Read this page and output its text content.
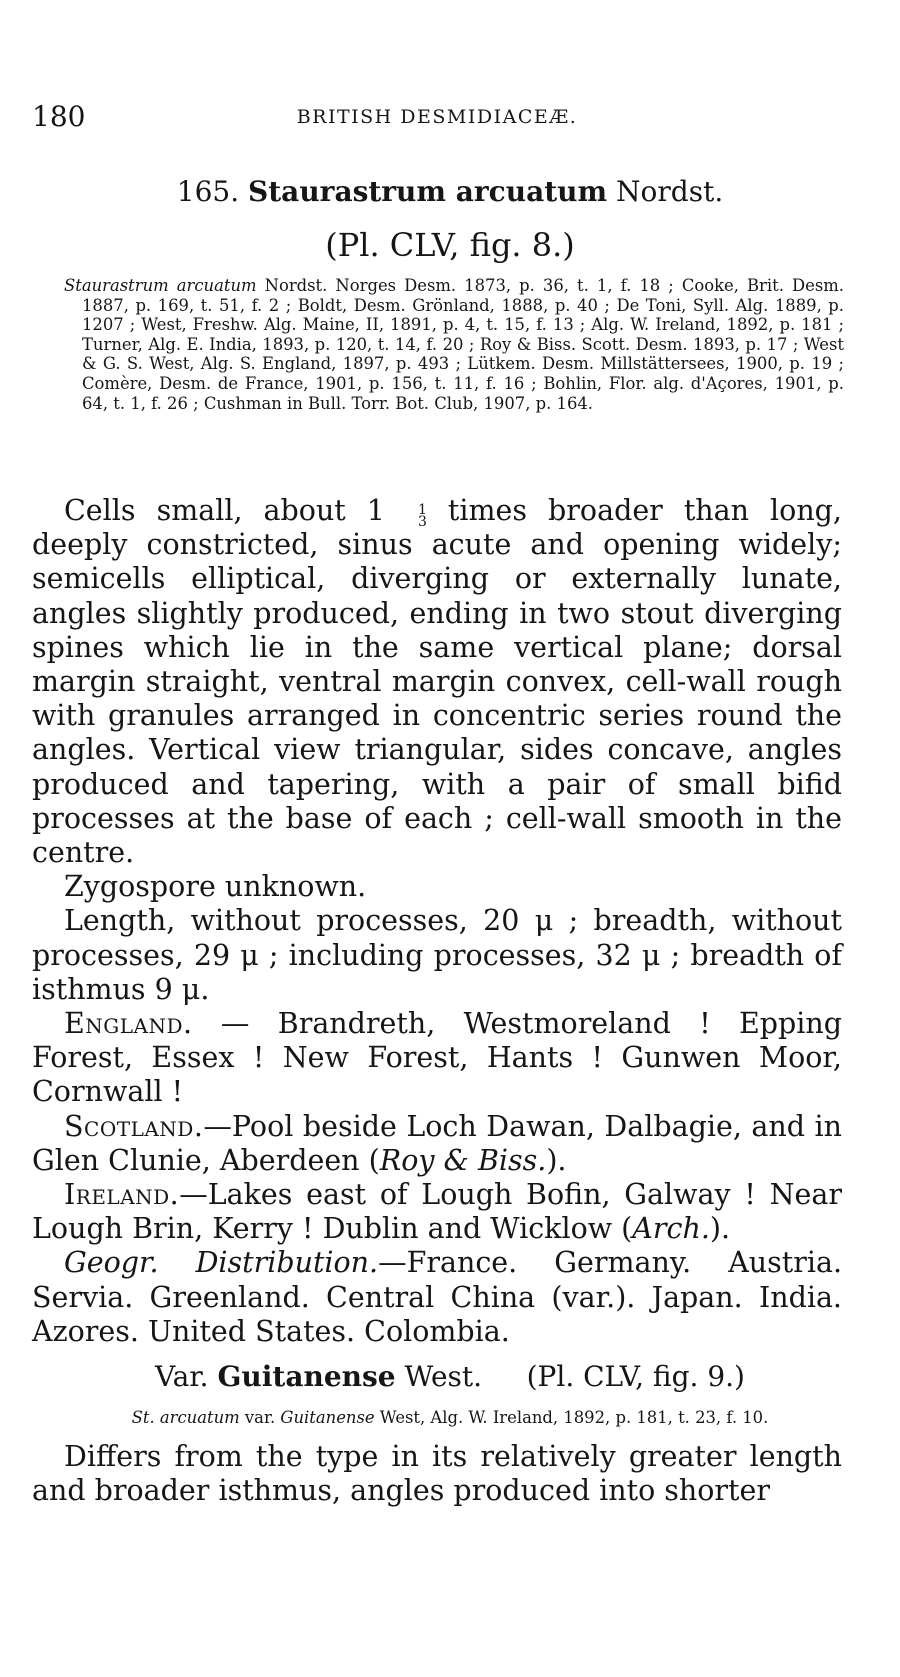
180	BRITISH DESMIDIACEÆ.
165. Staurastrum arcuatum Nordst.
(Pl. CLV, fig. 8.)
Staurastrum arcuatum Nordst. Norges Desm. 1873, p. 36, t. 1, f. 18 ; Cooke, Brit. Desm. 1887, p. 169, t. 51, f. 2 ; Boldt, Desm. Grönland, 1888, p. 40 ; De Toni, Syll. Alg. 1889, p. 1207 ; West, Freshw. Alg. Maine, II, 1891, p. 4, t. 15, f. 13 ; Alg. W. Ireland, 1892, p. 181 ; Turner, Alg. E. India, 1893, p. 120, t. 14, f. 20 ; Roy & Biss. Scott. Desm. 1893, p. 17 ; West & G. S. West, Alg. S. England, 1897, p. 493 ; Lütkem. Desm. Millstättersees, 1900, p. 19 ; Comère, Desm. de France, 1901, p. 156, t. 11, f. 16 ; Bohlin, Flor. alg. d'Açores, 1901, p. 64, t. 1, f. 26 ; Cushman in Bull. Torr. Bot. Club, 1907, p. 164.

Cells small, about 1	1
3 times broader than long, deeply constricted, sinus acute and opening widely; semicells elliptical, diverging or externally lunate, angles slightly produced, ending in two stout diverging spines which lie in the same vertical plane; dorsal margin straight, ventral margin convex, cell-wall rough with granules arranged in concentric series round the angles. Vertical view triangular, sides concave, angles produced and tapering, with a pair of small bifid processes at the base of each ; cell-wall smooth in the centre.

Zygospore unknown.

Length, without processes, 20 μ ; breadth, without processes, 29 μ ; including processes, 32 μ ; breadth of isthmus 9 μ.

England. — Brandreth, Westmoreland ! Epping Forest, Essex ! New Forest, Hants ! Gunwen Moor, Cornwall !

Scotland.—Pool beside Loch Dawan, Dalbagie, and in Glen Clunie, Aberdeen (Roy & Biss.).

Ireland.—Lakes east of Lough Bofin, Galway ! Near Lough Brin, Kerry ! Dublin and Wicklow (Arch.).

Geogr. Distribution.—France. Germany. Austria. Servia. Greenland. Central China (var.). Japan. India. Azores. United States. Colombia.

Var. Guitanense West. (Pl. CLV, fig. 9.)
St. arcuatum var. Guitanense West, Alg. W. Ireland, 1892, p. 181, t. 23, f. 10.

Differs from the type in its relatively greater length and broader isthmus, angles produced into shorter
